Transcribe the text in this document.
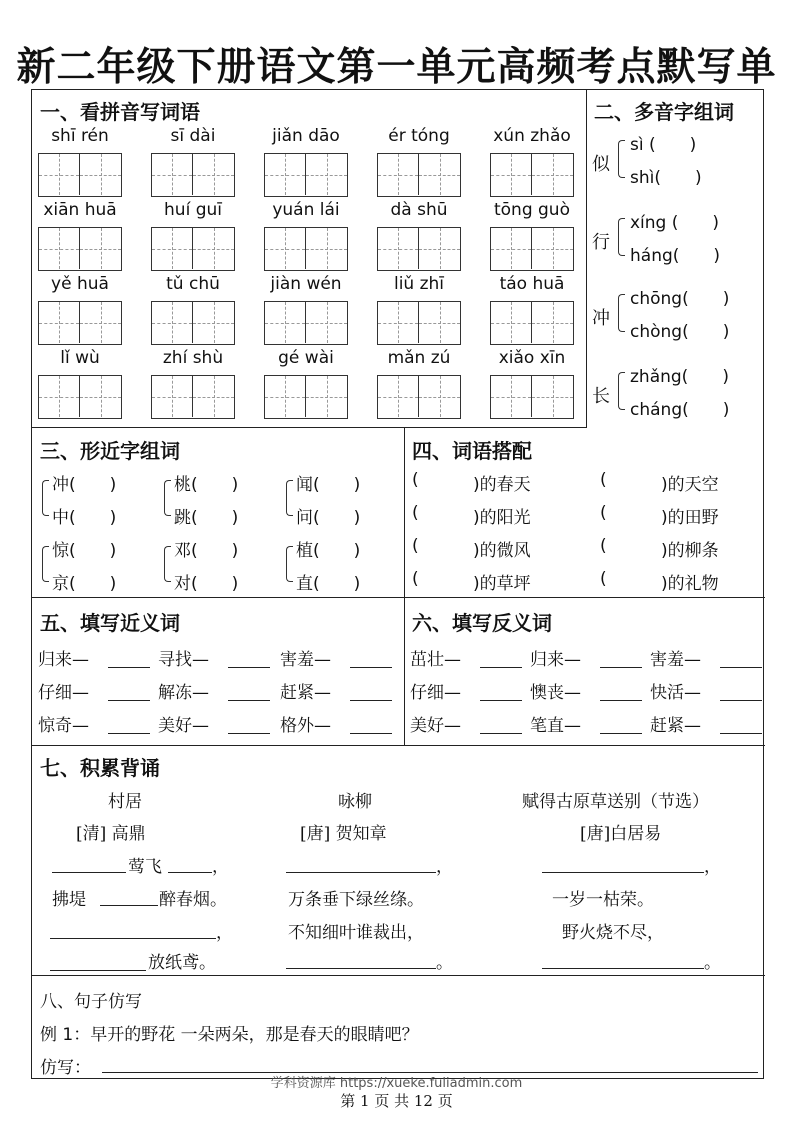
新二年级下册语文第一单元高频考点默写单
一、看拼音写词语	二、多音字组词
三、形近字组词	四、词语搭配
五、填写近义词	六、填写反义词
七、积累背诵
村居
[清] 高鼎
莺飞	，
拂堤	醉春烟。
，
放纸鸢。
咏柳
[唐] 贺知章
，
万条垂下绿丝绦。
不知细叶谁裁出，
。
赋得古原草送别（节选）
[唐]白居易
，
一岁一枯荣。
野火烧不尽，
。
八、句子仿写
例 1：早开的野花 一朵两朵，那是春天的眼睛吧？
仿写：
shī rén	sī dài	jiǎn dāo	ér tóng	xún zhǎo
xiān huā	huí guī	yuán lái	dà shū	tōng guò
yě huā	tǔ chū	jiàn wén	liǔ zhī	táo huā
lǐ wù	zhí shù	gé wài	mǎn zú	xiǎo xīn
似
sì (　　)
shì(　　)
行
xíng (　　)
háng(　　)
冲
chōng(　　)
chòng(　　)
长
zhǎng(　　)
cháng(　　)
冲(　　)
中(　　)
桃(　　)
跳(　　)
闻(　　)
问(　　)
惊(　　)
京(　　)
邓(　　)
对(　　)
植(　　)
直(　　)
( 　　　)的春天	( 　　　)的天空
( 　　　)的阳光	( 　　　)的田野
( 　　　)的微风	( 　　　)的柳条
( 　　　)的草坪	( 　　　)的礼物
归来—	寻找—	害羞—
仔细—	解冻—	赶紧—
惊奇—	美好—	格外—
茁壮—	归来—	害羞—
仔细—	懊丧—	快活—
美好—	笔直—	赶紧—
学科资源库 https://xueke.fuliadmin.com
第 1 页 共 12 页
